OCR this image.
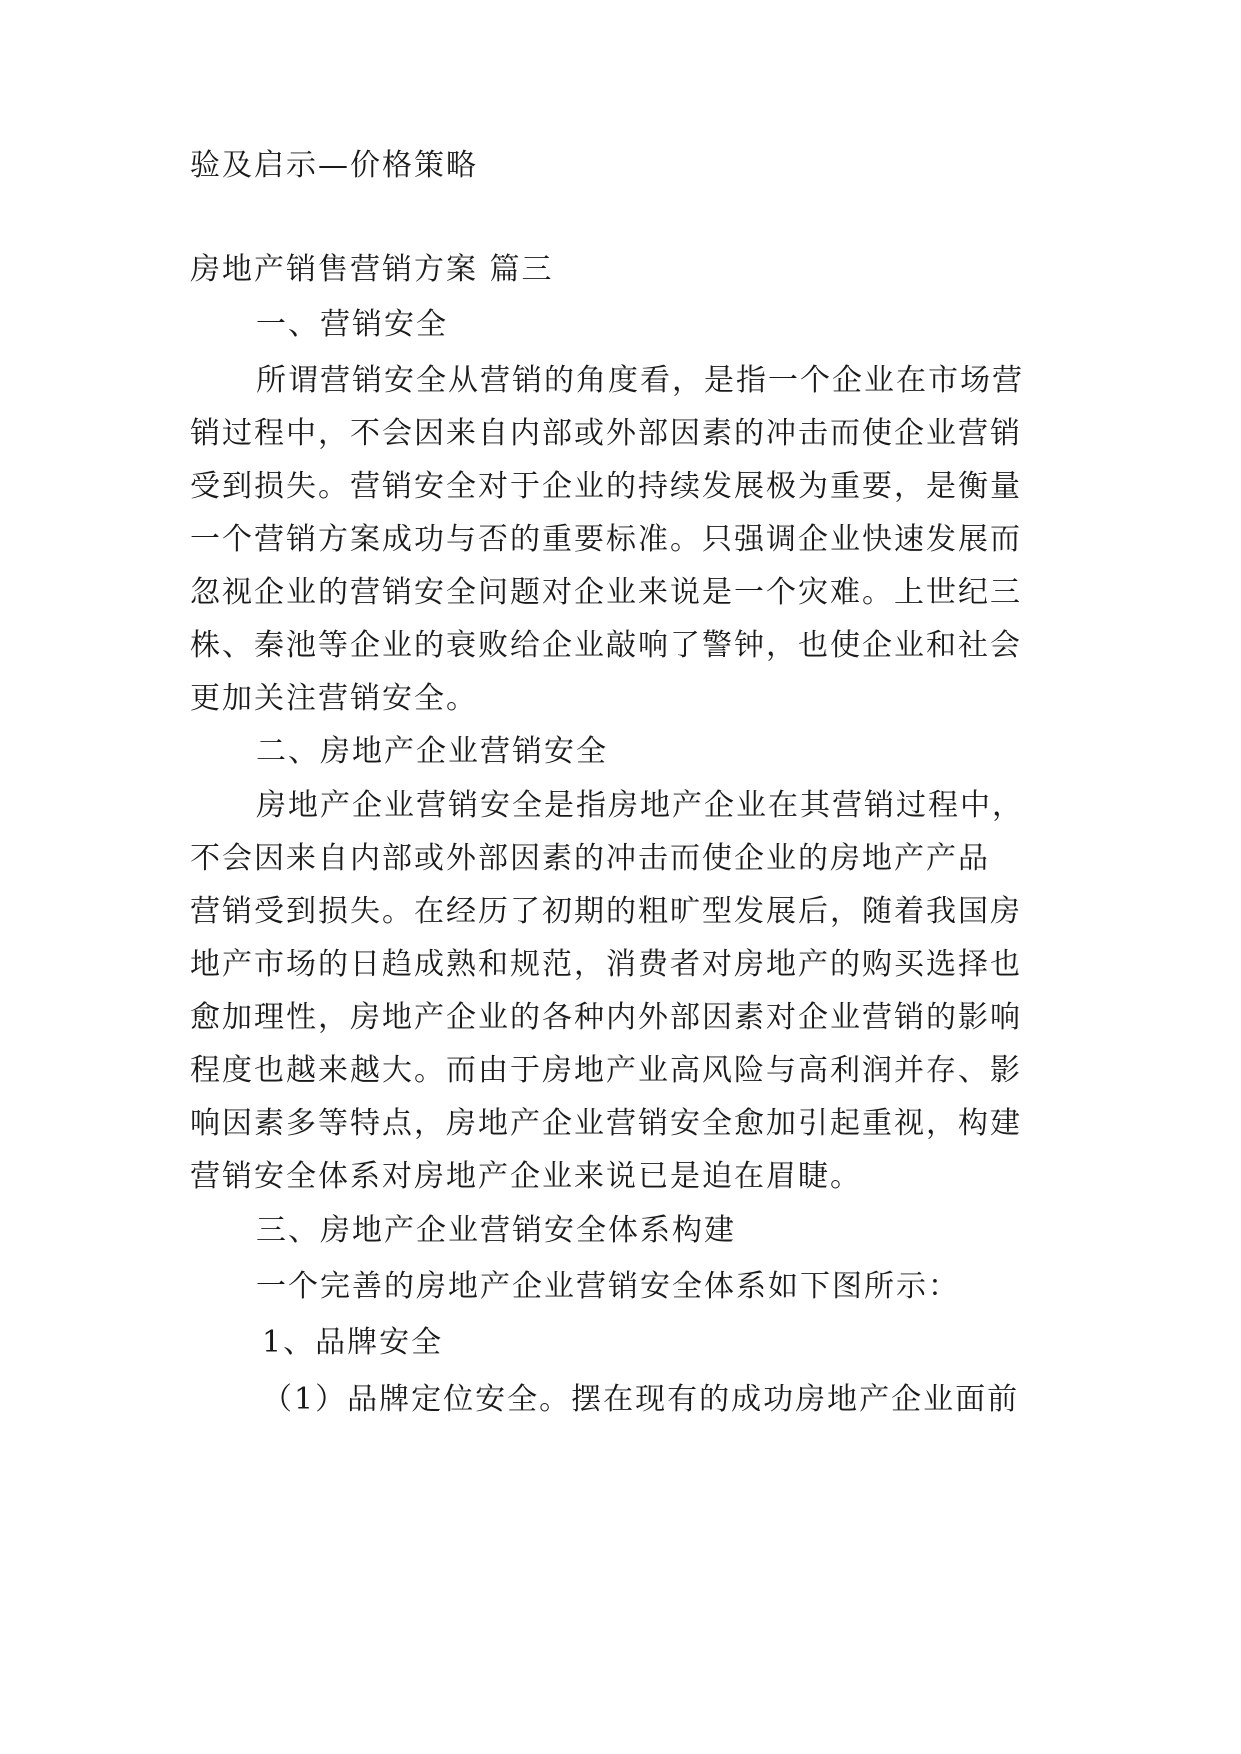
验及启示—价格策略
房地产销售营销方案 篇三
一、营销安全
所谓营销安全从营销的角度看，是指一个企业在市场营
销过程中，不会因来自内部或外部因素的冲击而使企业营销
受到损失。营销安全对于企业的持续发展极为重要，是衡量
一个营销方案成功与否的重要标准。只强调企业快速发展而
忽视企业的营销安全问题对企业来说是一个灾难。上世纪三
株、秦池等企业的衰败给企业敲响了警钟，也使企业和社会
更加关注营销安全。
二、房地产企业营销安全
房地产企业营销安全是指房地产企业在其营销过程中，
不会因来自内部或外部因素的冲击而使企业的房地产产品
营销受到损失。在经历了初期的粗旷型发展后，随着我国房
地产市场的日趋成熟和规范，消费者对房地产的购买选择也
愈加理性，房地产企业的各种内外部因素对企业营销的影响
程度也越来越大。而由于房地产业高风险与高利润并存、影
响因素多等特点，房地产企业营销安全愈加引起重视，构建
营销安全体系对房地产企业来说已是迫在眉睫。
三、房地产企业营销安全体系构建
一个完善的房地产企业营销安全体系如下图所示：
1、品牌安全
（1）品牌定位安全。摆在现有的成功房地产企业面前
